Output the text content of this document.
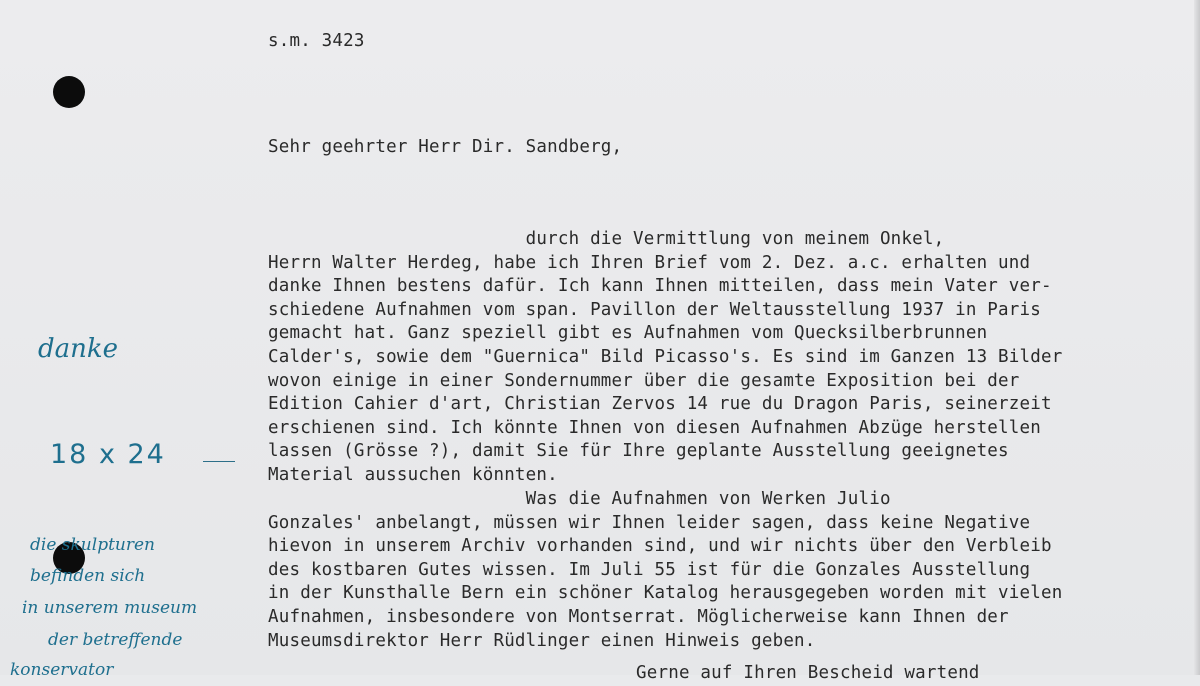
s.m. 3423
Sehr geehrter Herr Dir. Sandberg,
durch die Vermittlung von meinem Onkel,
Herrn Walter Herdeg, habe ich Ihren Brief vom 2. Dez. a.c. erhalten und
danke Ihnen bestens dafür. Ich kann Ihnen mitteilen, dass mein Vater ver-
schiedene Aufnahmen vom span. Pavillon der Weltausstellung 1937 in Paris
gemacht hat. Ganz speziell gibt es Aufnahmen vom Quecksilberbrunnen
Calder's, sowie dem "Guernica" Bild Picasso's. Es sind im Ganzen 13 Bilder
wovon einige in einer Sondernummer über die gesamte Exposition bei der
Edition Cahier d'art, Christian Zervos 14 rue du Dragon Paris, seinerzeit
erschienen sind. Ich könnte Ihnen von diesen Aufnahmen Abzüge herstellen
lassen (Grösse ?), damit Sie für Ihre geplante Ausstellung geeignetes
Material aussuchen könnten.
Was die Aufnahmen von Werken Julio
Gonzales' anbelangt, müssen wir Ihnen leider sagen, dass keine Negative
hievon in unserem Archiv vorhanden sind, und wir nichts über den Verbleib
des kostbaren Gutes wissen. Im Juli 55 ist für die Gonzales Ausstellung
in der Kunsthalle Bern ein schöner Katalog herausgegeben worden mit vielen
Aufnahmen, insbesondere von Montserrat. Möglicherweise kann Ihnen der
Museumsdirektor Herr Rüdlinger einen Hinweis geben.
Gerne auf Ihren Bescheid wartend
danke
18 x 24
die skulpturen
befinden sich
in unserem museum
der betreffende
konservator
